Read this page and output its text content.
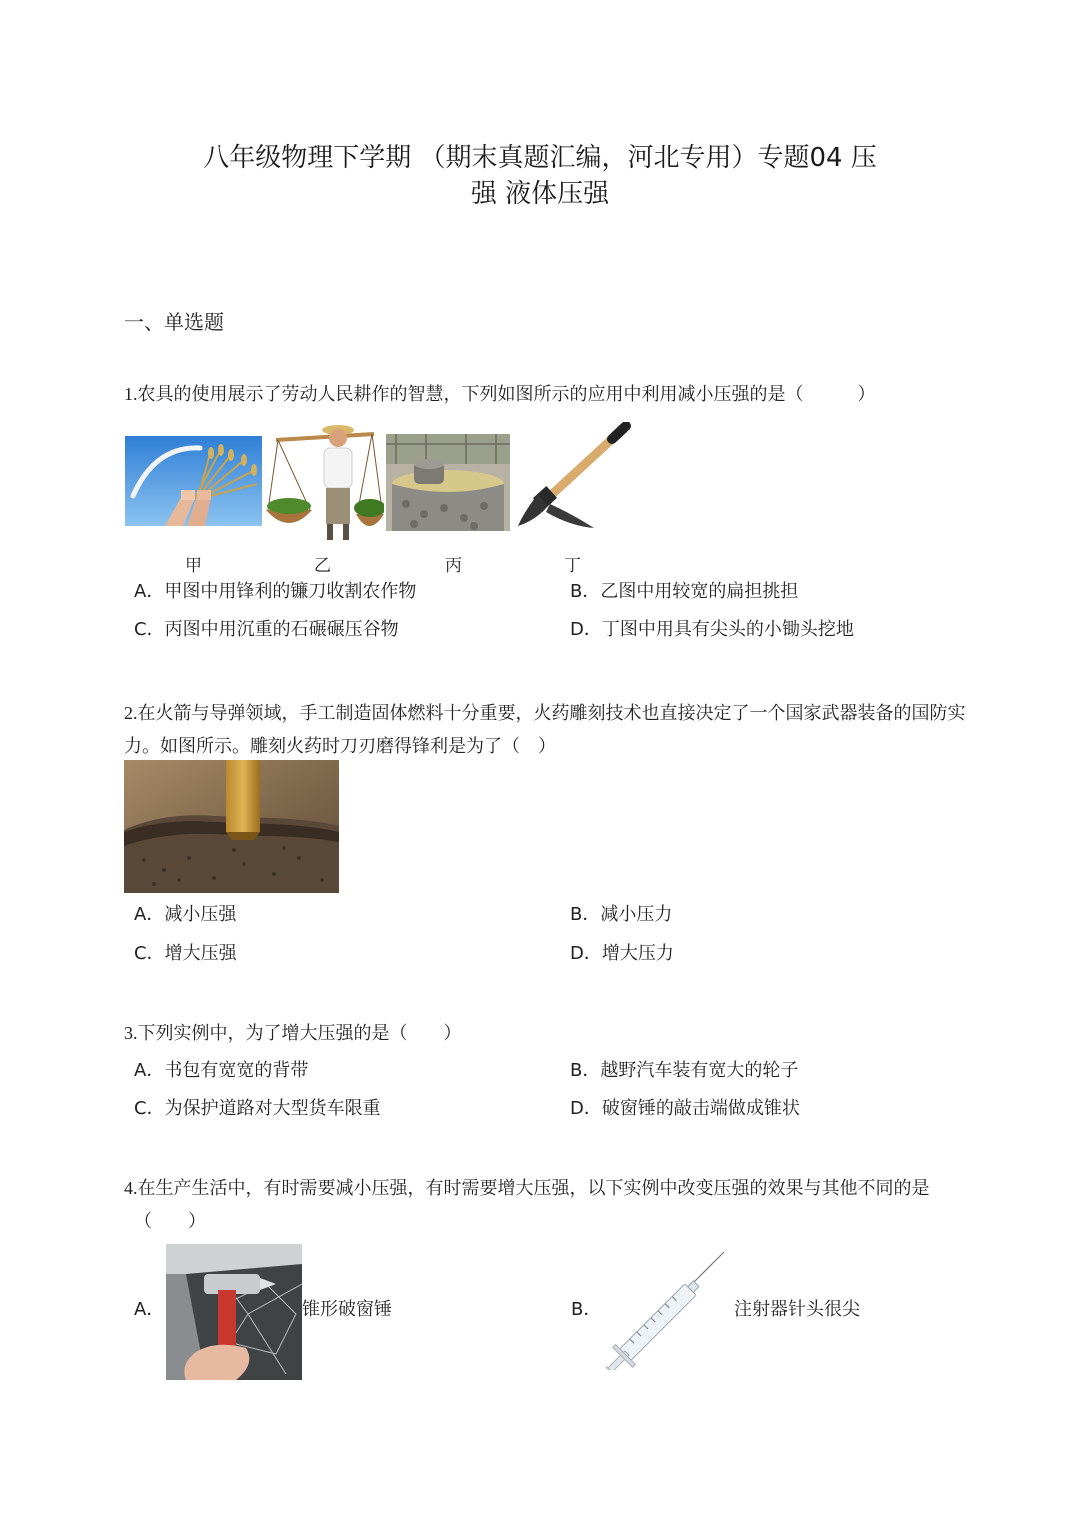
八年级物理下学期 （期末真题汇编，河北专用）专题04 压
强 液体压强
一、单选题
1.农具的使用展示了劳动人民耕作的智慧，下列如图所示的应用中利用减小压强的是（　　　）
甲	乙	丙	丁
A．甲图中用锋利的镰刀收割农作物	B．乙图中用较宽的扁担挑担
C．丙图中用沉重的石碾碾压谷物	D．丁图中用具有尖头的小锄头挖地
2.在火箭与导弹领域，手工制造固体燃料十分重要，火药雕刻技术也直接决定了一个国家武器装备的国防实
力。如图所示。雕刻火药时刀刃磨得锋利是为了（　）
A．减小压强	B．减小压力
C．增大压强	D．增大压力
3.下列实例中，为了增大压强的是（　　）
A．书包有宽宽的背带	B．越野汽车装有宽大的轮子
C．为保护道路对大型货车限重	D．破窗锤的敲击端做成锥状
4.在生产生活中，有时需要减小压强，有时需要增大压强，以下实例中改变压强的效果与其他不同的是
（　　）
A．	锥形破窗锤	B．	注射器针头很尖
